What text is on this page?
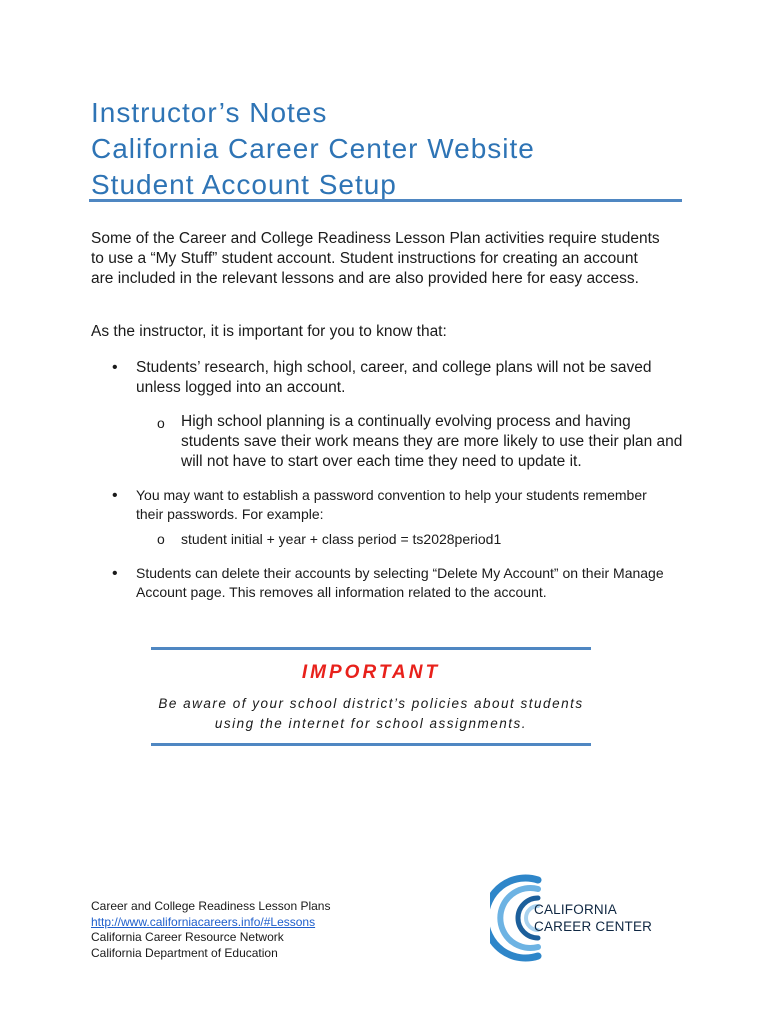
Instructor’s Notes
California Career Center Website
Student Account Setup

Some of the Career and College Readiness Lesson Plan activities require students to use a “My Stuff” student account. Student instructions for creating an account are included in the relevant lessons and are also provided here for easy access.

As the instructor, it is important for you to know that:

• Students’ research, high school, career, and college plans will not be saved unless logged into an account.

o High school planning is a continually evolving process and having students save their work means they are more likely to use their plan and will not have to start over each time they need to update it.

• You may want to establish a password convention to help your students remember their passwords. For example:

o student initial + year + class period = ts2028period1

• Students can delete their accounts by selecting “Delete My Account” on their Manage Account page. This removes all information related to the account.

IMPORTANT

Be aware of your school district’s policies about students using the internet for school assignments.

Career and College Readiness Lesson Plans
http://www.californiacareers.info/#Lessons
California Career Resource Network
California Department of Education
CALIFORNIA
CAREER CENTER
